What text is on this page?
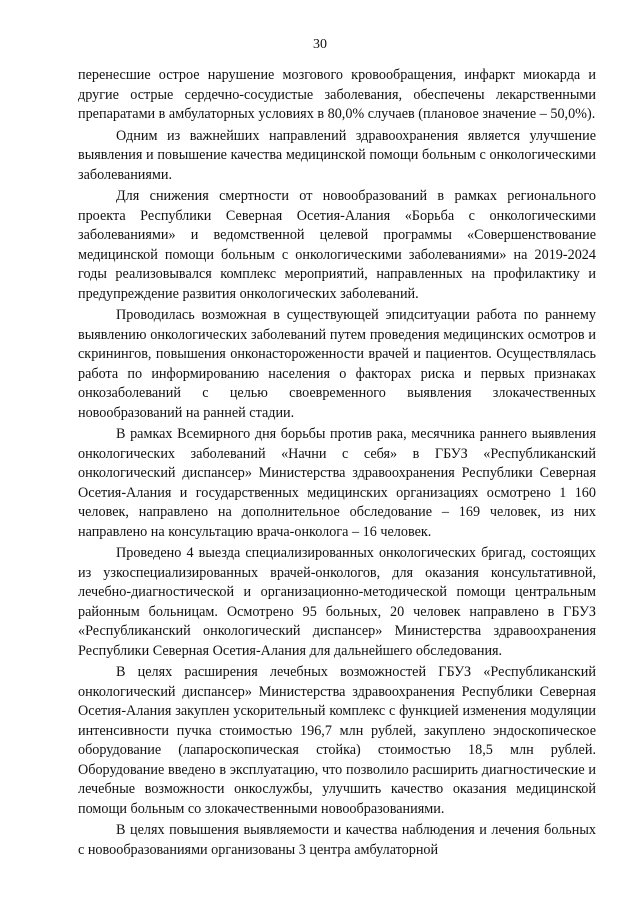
30

перенесшие острое нарушение мозгового кровообращения, инфаркт миокарда и другие острые сердечно-сосудистые заболевания, обеспечены лекарственными препаратами в амбулаторных условиях в 80,0% случаев (плановое значение – 50,0%).

Одним из важнейших направлений здравоохранения является улучшение выявления и повышение качества медицинской помощи больным с онкологическими заболеваниями.

Для снижения смертности от новообразований в рамках регионального проекта Республики Северная Осетия-Алания «Борьба с онкологическими заболеваниями» и ведомственной целевой программы «Совершенствование медицинской помощи больным с онкологическими заболеваниями» на 2019-2024 годы реализовывался комплекс мероприятий, направленных на профилактику и предупреждение развития онкологических заболеваний.

Проводилась возможная в существующей эпидситуации работа по раннему выявлению онкологических заболеваний путем проведения медицинских осмотров и скринингов, повышения онконастороженности врачей и пациентов. Осуществлялась работа по информированию населения о факторах риска и первых признаках онкозаболеваний с целью своевременного выявления злокачественных новообразований на ранней стадии.

В рамках Всемирного дня борьбы против рака, месячника раннего выявления онкологических заболеваний «Начни с себя» в ГБУЗ «Республиканский онкологический диспансер» Министерства здравоохранения Республики Северная Осетия-Алания и государственных медицинских организациях осмотрено 1 160 человек, направлено на дополнительное обследование – 169 человек, из них направлено на консультацию врача-онколога – 16 человек.

Проведено 4 выезда специализированных онкологических бригад, состоящих из узкоспециализированных врачей-онкологов, для оказания консультативной, лечебно-диагностической и организационно-методической помощи центральным районным больницам. Осмотрено 95 больных, 20 человек направлено в ГБУЗ «Республиканский онкологический диспансер» Министерства здравоохранения Республики Северная Осетия-Алания для дальнейшего обследования.

В целях расширения лечебных возможностей ГБУЗ «Республиканский онкологический диспансер» Министерства здравоохранения Республики Северная Осетия-Алания закуплен ускорительный комплекс с функцией изменения модуляции интенсивности пучка стоимостью 196,7 млн рублей, закуплено эндоскопическое оборудование (лапароскопическая стойка) стоимостью 18,5 млн рублей. Оборудование введено в эксплуатацию, что позволило расширить диагностические и лечебные возможности онкослужбы, улучшить качество оказания медицинской помощи больным со злокачественными новообразованиями.

В целях повышения выявляемости и качества наблюдения и лечения больных с новообразованиями организованы 3 центра амбулаторной
